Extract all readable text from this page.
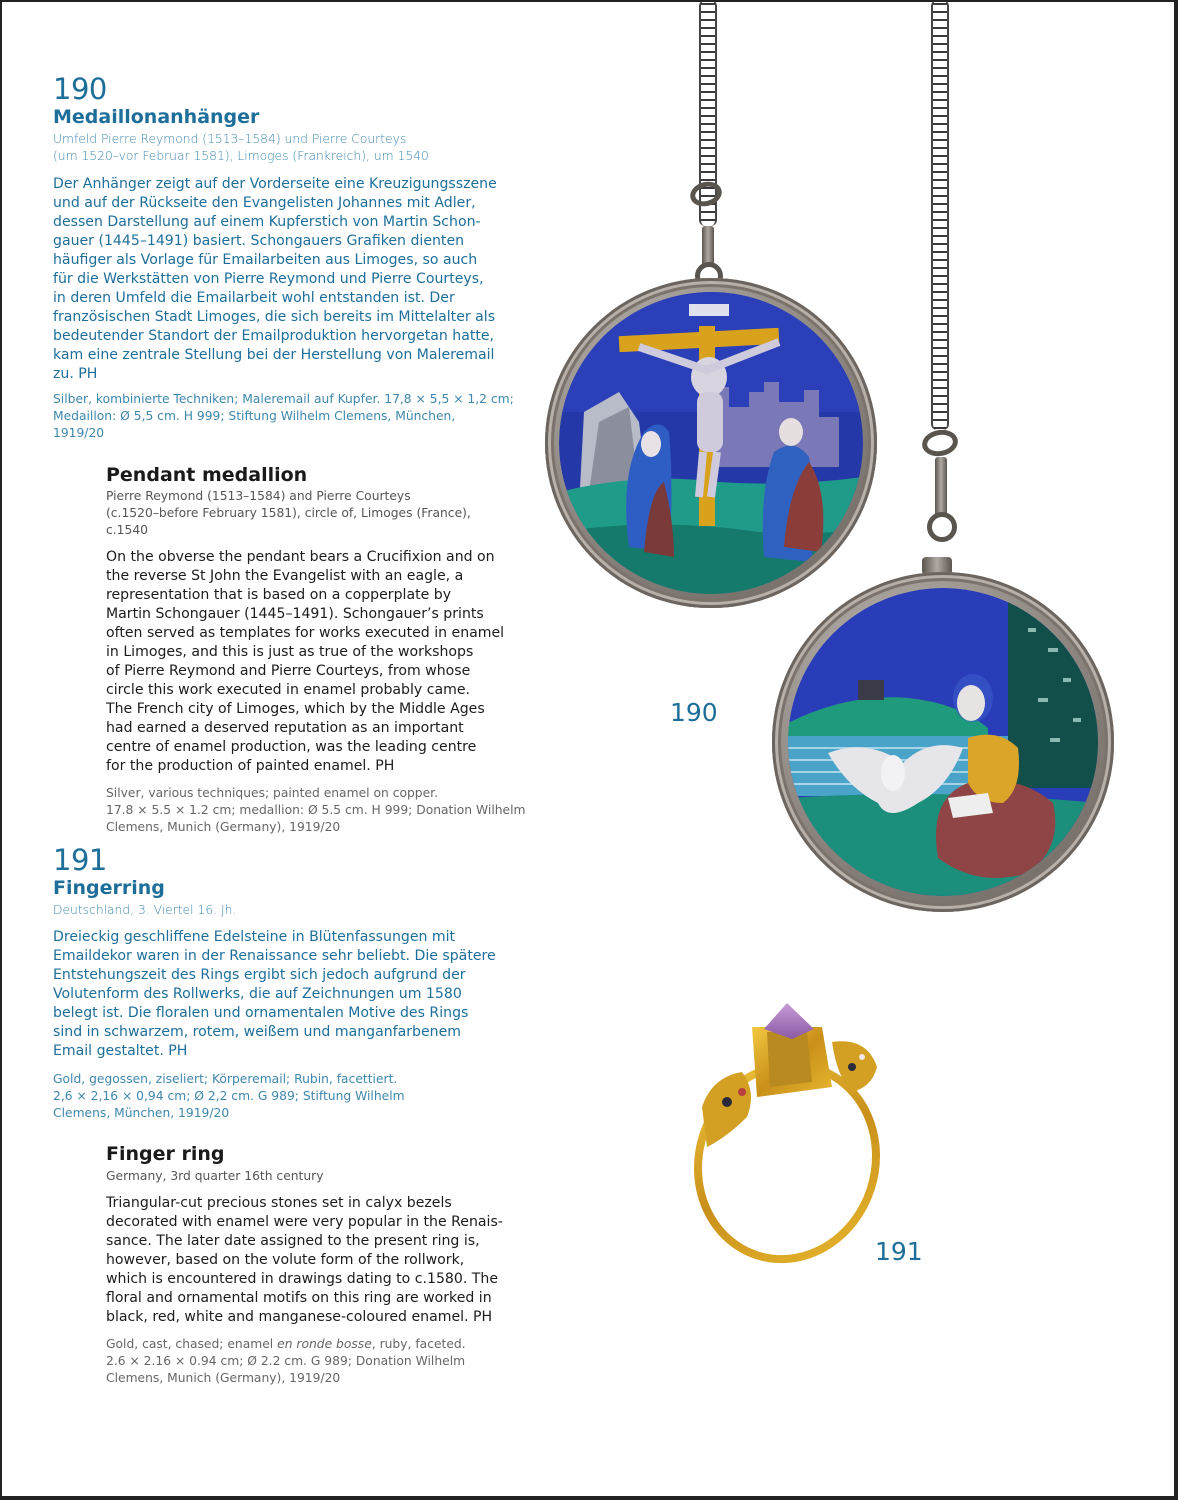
190
Medaillonanhänger
Umfeld Pierre Reymond (1513–1584) und Pierre Courteys
(um 1520–vor Februar 1581), Limoges (Frankreich), um 1540
Der Anhänger zeigt auf der Vorderseite eine Kreuzigungsszene
und auf der Rückseite den Evangelisten Johannes mit Adler,
dessen Darstellung auf einem Kupferstich von Martin Schon-
gauer (1445–1491) basiert. Schongauers Grafiken dienten
häufiger als Vorlage für Emailarbeiten aus Limoges, so auch
für die Werkstätten von Pierre Reymond und Pierre Courteys,
in deren Umfeld die Emailarbeit wohl entstanden ist. Der
französischen Stadt Limoges, die sich bereits im Mittelalter als
bedeutender Standort der Emailproduktion hervorgetan hatte,
kam eine zentrale Stellung bei der Herstellung von Maleremail
zu. PH
Silber, kombinierte Techniken; Maleremail auf Kupfer. 17,8 × 5,5 × 1,2 cm;
Medaillon: Ø 5,5 cm. H 999; Stiftung Wilhelm Clemens, München,
1919/20
Pendant medallion
Pierre Reymond (1513–1584) and Pierre Courteys
(c.1520–before February 1581), circle of, Limoges (France),
c.1540
On the obverse the pendant bears a Crucifixion and on
the reverse St John the Evangelist with an eagle, a
representation that is based on a copperplate by
Martin Schongauer (1445–1491). Schongauer’s prints
often served as templates for works executed in enamel
in Limoges, and this is just as true of the workshops
of Pierre Reymond and Pierre Courteys, from whose
circle this work executed in enamel probably came.
The French city of Limoges, which by the Middle Ages
had earned a deserved reputation as an important
centre of enamel production, was the leading centre
for the production of painted enamel. PH
Silver, various techniques; painted enamel on copper.
17.8 × 5.5 × 1.2 cm; medallion: Ø 5.5 cm. H 999; Donation Wilhelm
Clemens, Munich (Germany), 1919/20
191
Fingerring
Deutschland, 3. Viertel 16. Jh.
Dreieckig geschliffene Edelsteine in Blütenfassungen mit
Emaildekor waren in der Renaissance sehr beliebt. Die spätere
Entstehungszeit des Rings ergibt sich jedoch aufgrund der
Volutenform des Rollwerks, die auf Zeichnungen um 1580
belegt ist. Die floralen und ornamentalen Motive des Rings
sind in schwarzem, rotem, weißem und manganfarbenem
Email gestaltet. PH
Gold, gegossen, ziseliert; Körperemail; Rubin, facettiert.
2,6 × 2,16 × 0,94 cm; Ø 2,2 cm. G 989; Stiftung Wilhelm
Clemens, München, 1919/20
Finger ring
Germany, 3rd quarter 16th century
Triangular-cut precious stones set in calyx bezels
decorated with enamel were very popular in the Renais-
sance. The later date assigned to the present ring is,
however, based on the volute form of the rollwork,
which is encountered in drawings dating to c.1580. The
floral and ornamental motifs on this ring are worked in
black, red, white and manganese-coloured enamel. PH
Gold, cast, chased; enamel en ronde bosse, ruby, faceted.
2.6 × 2.16 × 0.94 cm; Ø 2.2 cm. G 989; Donation Wilhelm
Clemens, Munich (Germany), 1919/20
190
191
